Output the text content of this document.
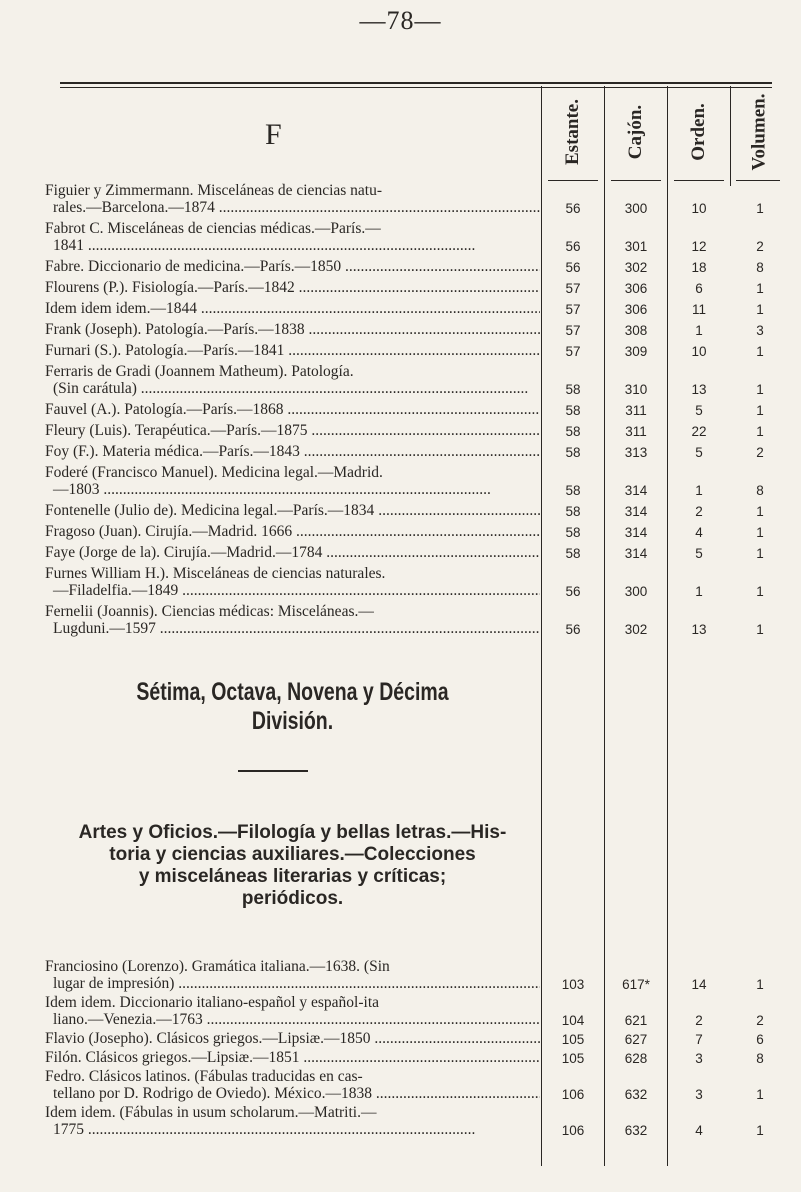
—78—
Estante. Cajón. Orden. Volumen.
F
Figuier y Zimmermann. Misceláneas de ciencias natu-
rales.—Barcelona.—1874 .....	56	300	10	1
Fabrot C. Misceláneas de ciencias médicas.—París.—
1841 .....	56	301	12	2
Fabre. Diccionario de medicina.—París.—1850 .....	56	302	18	8
Flourens (P.). Fisiología.—París.—1842 .....	57	306	6	1
Idem idem idem.—1844 .....	57	306	11	1
Frank (Joseph). Patología.—París.—1838 .....	57	308	1	3
Furnari (S.). Patología.—París.—1841 .....	57	309	10	1
Ferraris de Gradi (Joannem Matheum). Patología.
(Sin carátula) .....	58	310	13	1
Fauvel (A.). Patología.—París.—1868 .....	58	311	5	1
Fleury (Luis). Terapéutica.—París.—1875 .....	58	311	22	1
Foy (F.). Materia médica.—París.—1843 .....	58	313	5	2
Foderé (Francisco Manuel). Medicina legal.—Madrid.
—1803 .....	58	314	1	8
Fontenelle (Julio de). Medicina legal.—París.—1834 .....	58	314	2	1
Fragoso (Juan). Cirujía.—Madrid. 1666 .....	58	314	4	1
Faye (Jorge de la). Cirujía.—Madrid.—1784 .....	58	314	5	1
Furnes William H.). Misceláneas de ciencias naturales.
—Filadelfia.—1849 .....	56	300	1	1
Fernelii (Joannis). Ciencias médicas: Misceláneas.—
Lugduni.—1597 .....	56	302	13	1
Sétima, Octava, Novena y Décima División.
Artes y Oficios.—Filología y bellas letras.—His-
toria y ciencias auxiliares.—Colecciones
y misceláneas literarias y críticas;
periódicos.
Franciosino (Lorenzo). Gramática italiana.—1638. (Sin
lugar de impresión) .....	103	617*	14	1
Idem idem. Diccionario italiano-español y español-ita
liano.—Venezia.—1763 .....	104	621	2	2
Flavio (Josepho). Clásicos griegos.—Lipsiæ.—1850 .....	105	627	7	6
Filón. Clásicos griegos.—Lipsiæ.—1851 .....	105	628	3	8
Fedro. Clásicos latinos. (Fábulas traducidas en cas-
tellano por D. Rodrigo de Oviedo). México.—1838 .....	106	632	3	1
Idem idem. (Fábulas in usum scholarum.—Matriti.—
1775 .....	106	632	4	1
